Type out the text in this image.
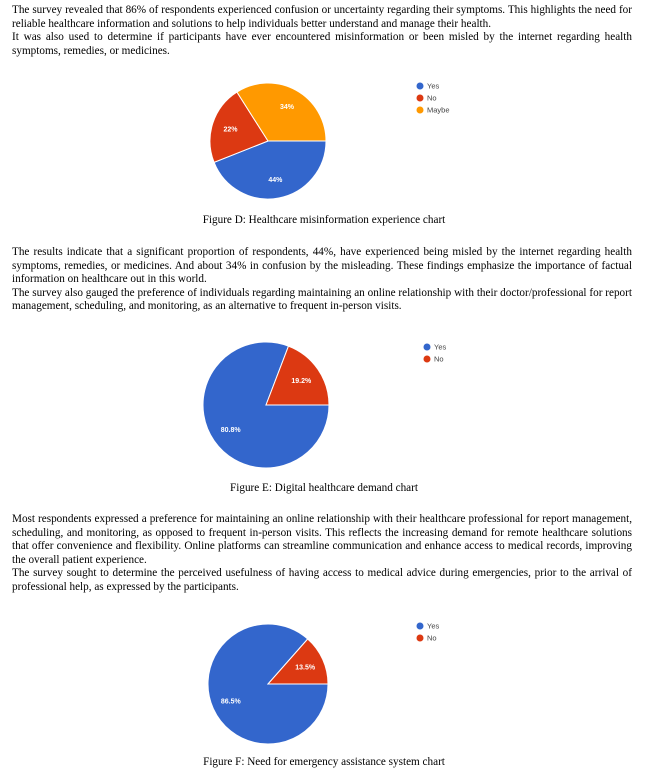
The survey revealed that 86% of respondents experienced confusion or uncertainty regarding their symptoms. This highlights the need for reliable healthcare information and solutions to help individuals better understand and manage their health.

It was also used to determine if participants have ever encountered misinformation or been misled by the internet regarding health symptoms, remedies, or medicines.

44%
22%
34%
Yes
No
Maybe
Figure D: Healthcare misinformation experience chart

The results indicate that a significant proportion of respondents, 44%, have experienced being misled by the internet regarding health symptoms, remedies, or medicines. And about 34% in confusion by the misleading. These findings emphasize the importance of factual information on healthcare out in this world.

The survey also gauged the preference of individuals regarding maintaining an online relationship with their doctor/professional for report management, scheduling, and monitoring, as an alternative to frequent in-person visits.

80.8%
19.2%
Yes
No
Figure E: Digital healthcare demand chart

Most respondents expressed a preference for maintaining an online relationship with their healthcare professional for report management, scheduling, and monitoring, as opposed to frequent in-person visits. This reflects the increasing demand for remote healthcare solutions that offer convenience and flexibility. Online platforms can streamline communication and enhance access to medical records, improving the overall patient experience.

The survey sought to determine the perceived usefulness of having access to medical advice during emergencies, prior to the arrival of professional help, as expressed by the participants.

86.5%
13.5%
Yes
No
Figure F: Need for emergency assistance system chart
